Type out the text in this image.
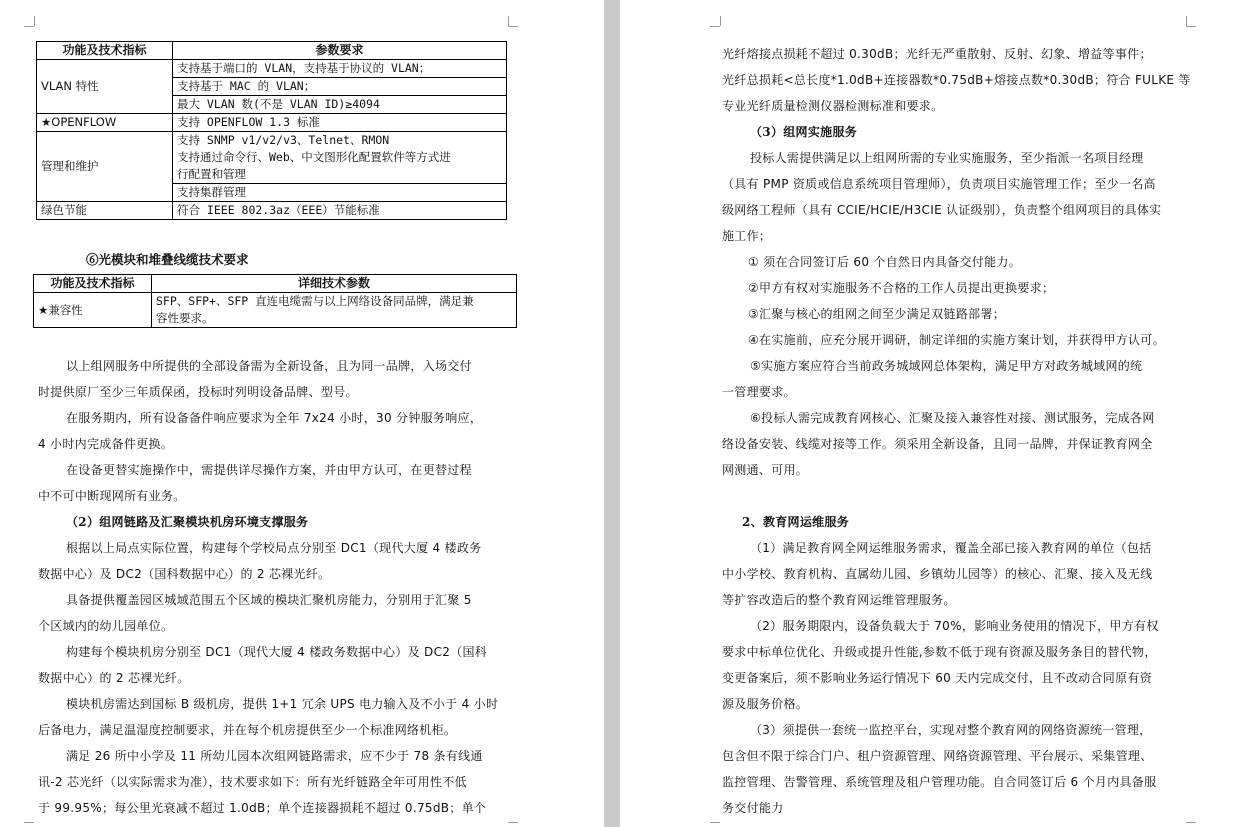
功能及技术指标	参数要求
VLAN 特性	支持基于端口的 VLAN，支持基于协议的 VLAN；
	支持基于 MAC 的 VLAN；
	最大 VLAN 数(不是 VLAN ID)≥4094
★OPENFLOW	支持 OPENFLOW 1.3 标准
管理和维护	支持 SNMP v1/v2/v3、Telnet、RMON
支持通过命令行、Web、中文图形化配置软件等方式进
行配置和管理

	支持集群管理
绿色节能	符合 IEEE 802.3az（EEE）节能标准
⑥光模块和堆叠线缆技术要求
功能及技术指标	详细技术参数
★兼容性	SFP、SFP+、SFP 直连电缆需与以上网络设备同品牌，满足兼
容性要求。
以上组网服务中所提供的全部设备需为全新设备，且为同一品牌，入场交付
时提供原厂至少三年质保函，投标时列明设备品牌、型号。
在服务期内，所有设备备件响应要求为全年 7x24 小时，30 分钟服务响应，
4 小时内完成备件更换。
在设备更替实施操作中，需提供详尽操作方案，并由甲方认可，在更替过程
中不可中断现网所有业务。
（2）组网链路及汇聚模块机房环境支撑服务
根据以上局点实际位置，构建每个学校局点分别至 DC1（现代大厦 4 楼政务
数据中心）及 DC2（国科数据中心）的 2 芯裸光纤。
具备提供覆盖园区城域范围五个区域的模块汇聚机房能力，分别用于汇聚 5
个区域内的幼儿园单位。
构建每个模块机房分别至 DC1（现代大厦 4 楼政务数据中心）及 DC2（国科
数据中心）的 2 芯裸光纤。
模块机房需达到国标 B 级机房，提供 1+1 冗余 UPS 电力输入及不小于 4 小时
后备电力，满足温湿度控制要求，并在每个机房提供至少一个标准网络机柜。
满足 26 所中小学及 11 所幼儿园本次组网链路需求，应不少于 78 条有线通
讯-2 芯光纤（以实际需求为准），技术要求如下：所有光纤链路全年可用性不低
于 99.95%；每公里光衰减不超过 1.0dB；单个连接器损耗不超过 0.75dB；单个
光纤熔接点损耗不超过 0.30dB；光纤无严重散射、反射、幻象、增益等事件；
光纤总损耗<总长度*1.0dB+连接器数*0.75dB+熔接点数*0.30dB；符合 FULKE 等
专业光纤质量检测仪器检测标准和要求。
（3）组网实施服务
投标人需提供满足以上组网所需的专业实施服务，至少指派一名项目经理
（具有 PMP 资质或信息系统项目管理师），负责项目实施管理工作；至少一名高
级网络工程师（具有 CCIE/HCIE/H3CIE 认证级别），负责整个组网项目的具体实
施工作；
① 须在合同签订后 60 个自然日内具备交付能力。
②甲方有权对实施服务不合格的工作人员提出更换要求；
③汇聚与核心的组网之间至少满足双链路部署；
④在实施前，应充分展开调研，制定详细的实施方案计划，并获得甲方认可。
⑤实施方案应符合当前政务城域网总体架构，满足甲方对政务城域网的统
一管理要求。
⑥投标人需完成教育网核心、汇聚及接入兼容性对接、测试服务，完成各网
络设备安装、线缆对接等工作。须采用全新设备，且同一品牌，并保证教育网全
网测通、可用。
2、教育网运维服务
（1）满足教育网全网运维服务需求，覆盖全部已接入教育网的单位（包括
中小学校、教育机构、直属幼儿园、乡镇幼儿园等）的核心、汇聚、接入及无线
等扩容改造后的整个教育网运维管理服务。
（2）服务期限内，设备负载大于 70%，影响业务使用的情况下，甲方有权
要求中标单位优化、升级或提升性能,参数不低于现有资源及服务条目的替代物，
变更备案后，须不影响业务运行情况下 60 天内完成交付，且不改动合同原有资
源及服务价格。
（3）须提供一套统一监控平台，实现对整个教育网的网络资源统一管理，
包含但不限于综合门户、租户资源管理、网络资源管理、平台展示、采集管理、
监控管理、告警管理、系统管理及租户管理功能。自合同签订后 6 个月内具备服
务交付能力
